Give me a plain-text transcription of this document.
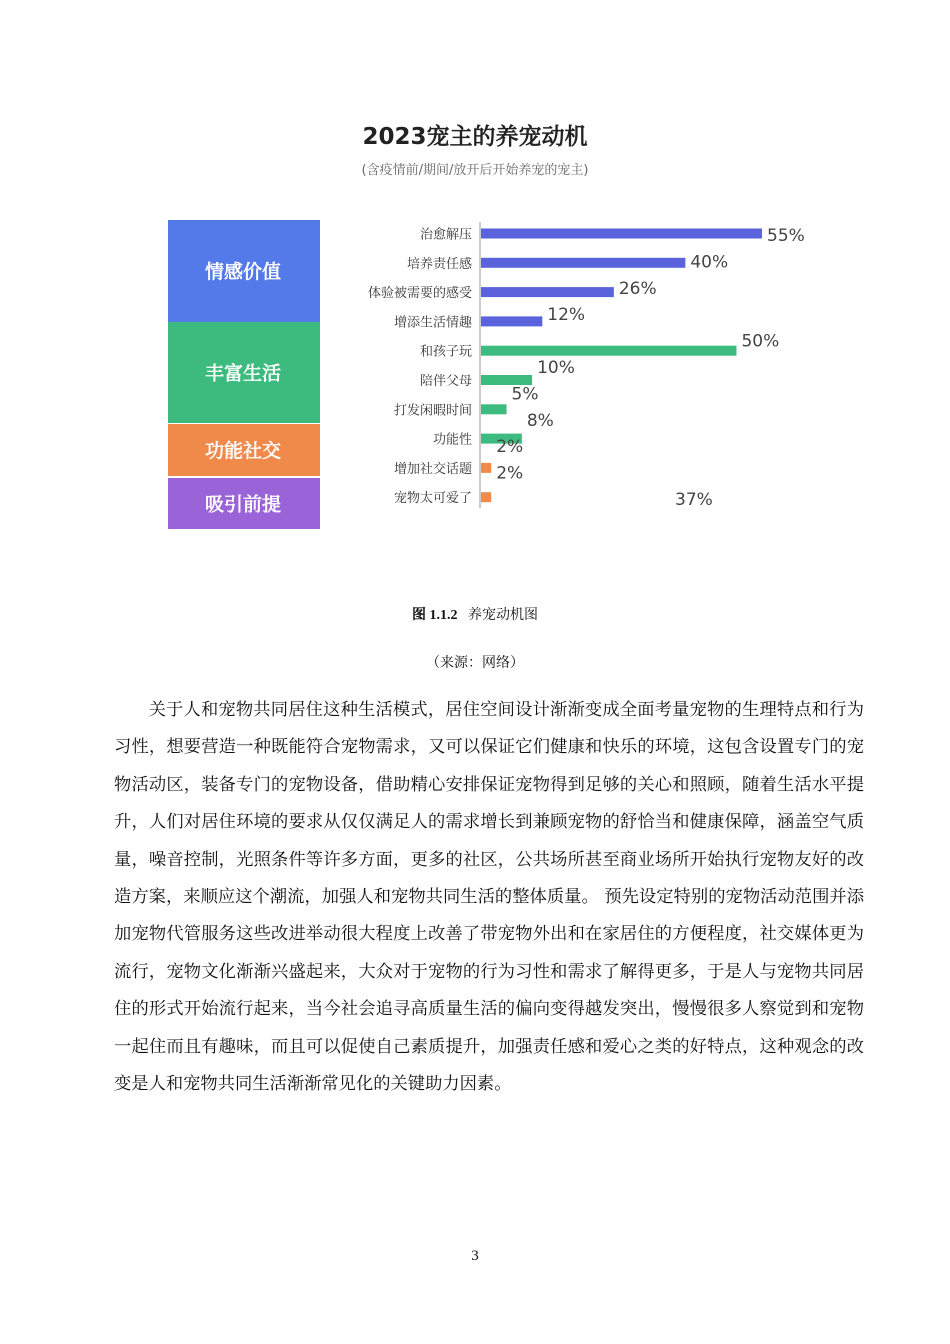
2023宠主的养宠动机
(含疫情前/期间/放开后开始养宠的宠主)
情感价值
丰富生活
功能社交
吸引前提
治愈解压
培养责任感
体验被需要的感受
增添生活情趣
和孩子玩
陪伴父母
打发闲暇时间
功能性
增加社交话题
宠物太可爱了
55%
40%
26%
12%
50%
10%
5%
8%
2%
2%
37%
图 1.1.2 养宠动机图
（来源：网络）

关于人和宠物共同居住这种生活模式，居住空间设计渐渐变成全面考量宠物的生理特点和行为习性，想要营造一种既能符合宠物需求，又可以保证它们健康和快乐的环境，这包含设置专门的宠物活动区，装备专门的宠物设备，借助精心安排保证宠物得到足够的关心和照顾，随着生活水平提升，人们对居住环境的要求从仅仅满足人的需求增长到兼顾宠物的舒恰当和健康保障，涵盖空气质量，噪音控制，光照条件等许多方面，更多的社区，公共场所甚至商业场所开始执行宠物友好的改造方案，来顺应这个潮流，加强人和宠物共同生活的整体质量。 预先设定特别的宠物活动范围并添加宠物代管服务这些改进举动很大程度上改善了带宠物外出和在家居住的方便程度，社交媒体更为流行，宠物文化渐渐兴盛起来，大众对于宠物的行为习性和需求了解得更多，于是人与宠物共同居住的形式开始流行起来，当今社会追寻高质量生活的偏向变得越发突出，慢慢很多人察觉到和宠物一起住而且有趣味，而且可以促使自己素质提升，加强责任感和爱心之类的好特点，这种观念的改变是人和宠物共同生活渐渐常见化的关键助力因素。

3
